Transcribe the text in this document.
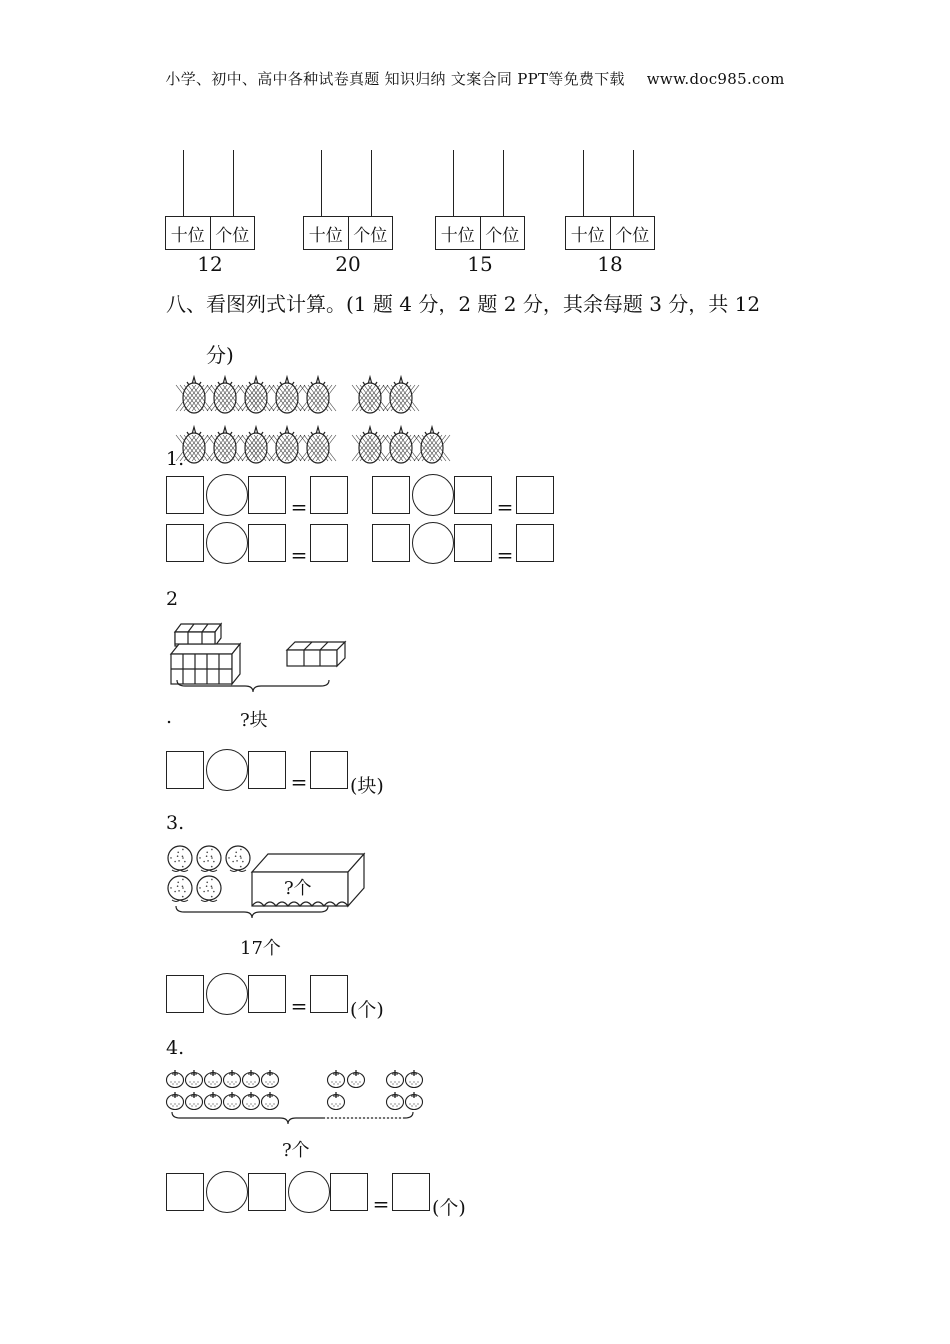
小学、初中、高中各种试卷真题 知识归纳 文案合同 PPT等免费下载 www.doc985.com
十位 个位
12
十位 个位
20
十位 个位
15
十位 个位
18
八、看图列式计算。(1 题 4 分，2 题 2 分，其余每题 3 分，共 12
分)
1.
=	=
=	=
2
.	?块
= (块)
3.
?个
17个
= (个)
4.
?个
= (个)
